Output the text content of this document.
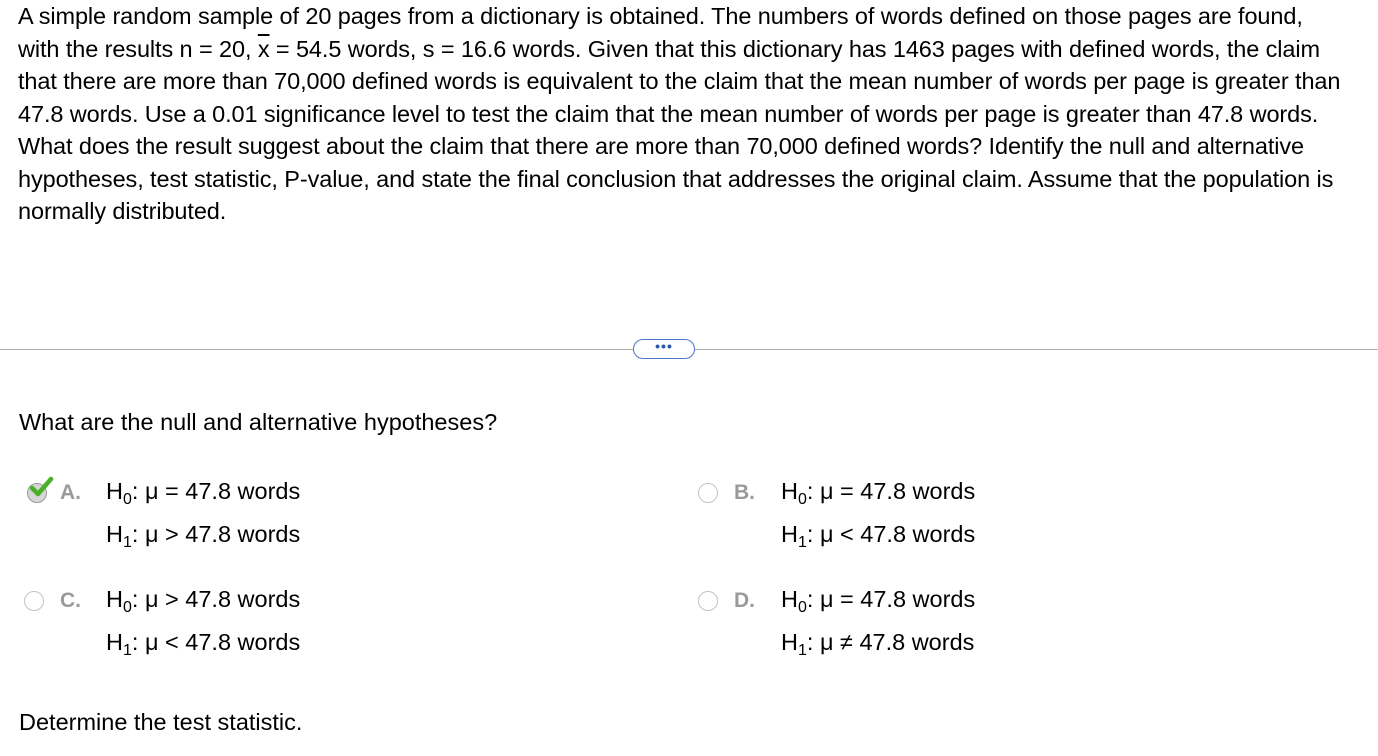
A simple random sample of 20 pages from a dictionary is obtained. The numbers of words defined on those pages are found, with the results n = 20, $\overline{x} = 54.5$ words, s = 16.6 words. Given that this dictionary has 1463 pages with defined words, the claim that there are more than 70,000 defined words is equivalent to the claim that the mean number of words per page is greater than 47.8 words. Use a 0.01 significance level to test the claim that the mean number of words per page is greater than 47.8 words. What does the result suggest about the claim that there are more than 70,000 defined words? Identify the null and alternative hypotheses, test statistic, P-value, and state the final conclusion that addresses the original claim. Assume that the population is normally distributed.
•••
What are the null and alternative hypotheses?
A. $H_0$: μ = 47.8 words
$H_1$: μ > 47.8 words
B. $H_0$: μ = 47.8 words
$H_1$: μ < 47.8 words
C. $H_0$: μ > 47.8 words
$H_1$: μ < 47.8 words
D. $H_0$: μ = 47.8 words
$H_1$: μ ≠ 47.8 words
Determine the test statistic.
